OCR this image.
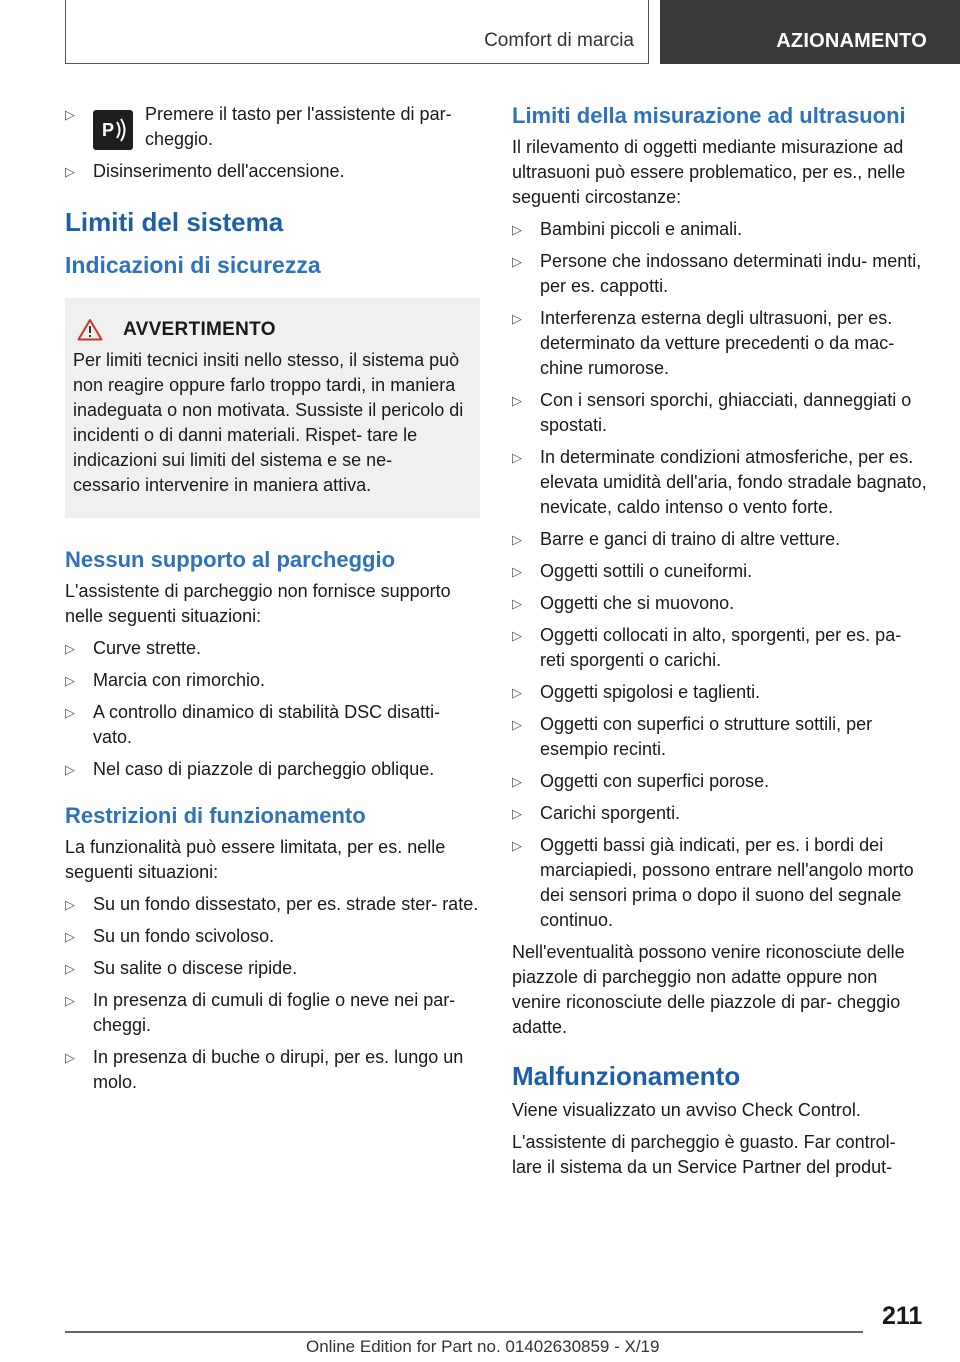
Comfort di marcia	AZIONAMENTO
▷
P
Premere il tasto per l'assistente di par- cheggio.
▷ Disinserimento dell'accensione.
Limiti del sistema
Indicazioni di sicurezza
AVVERTIMENTO

Per limiti tecnici insiti nello stesso, il sistema può non reagire oppure farlo troppo tardi, in maniera inadeguata o non motivata. Sussiste il pericolo di incidenti o di danni materiali. Rispet- tare le indicazioni sui limiti del sistema e se ne- cessario intervenire in maniera attiva.

Nessun supporto al parcheggio

L'assistente di parcheggio non fornisce supporto nelle seguenti situazioni:

▷ Curve strette.
▷ Marcia con rimorchio.
▷ A controllo dinamico di stabilità DSC disatti- vato.
▷ Nel caso di piazzole di parcheggio oblique.
Restrizioni di funzionamento

La funzionalità può essere limitata, per es. nelle seguenti situazioni:

▷ Su un fondo dissestato, per es. strade ster- rate.
▷ Su un fondo scivoloso.
▷ Su salite o discese ripide.
▷ In presenza di cumuli di foglie o neve nei par- cheggi.
▷ In presenza di buche o dirupi, per es. lungo un molo.
Limiti della misurazione ad ultrasuoni

Il rilevamento di oggetti mediante misurazione ad ultrasuoni può essere problematico, per es., nelle seguenti circostanze:

▷ Bambini piccoli e animali.
▷ Persone che indossano determinati indu- menti, per es. cappotti.
▷ Interferenza esterna degli ultrasuoni, per es. determinato da vetture precedenti o da mac- chine rumorose.
▷ Con i sensori sporchi, ghiacciati, danneggiati o spostati.
▷ In determinate condizioni atmosferiche, per es. elevata umidità dell'aria, fondo stradale bagnato, nevicate, caldo intenso o vento forte.
▷ Barre e ganci di traino di altre vetture.
▷ Oggetti sottili o cuneiformi.
▷ Oggetti che si muovono.
▷ Oggetti collocati in alto, sporgenti, per es. pa- reti sporgenti o carichi.
▷ Oggetti spigolosi e taglienti.
▷ Oggetti con superfici o strutture sottili, per esempio recinti.
▷ Oggetti con superfici porose.
▷ Carichi sporgenti.
▷ Oggetti bassi già indicati, per es. i bordi dei marciapiedi, possono entrare nell'angolo morto dei sensori prima o dopo il suono del segnale continuo.

Nell'eventualità possono venire riconosciute delle piazzole di parcheggio non adatte oppure non venire riconosciute delle piazzole di par- cheggio adatte.

Malfunzionamento

Viene visualizzato un avviso Check Control.

L'assistente di parcheggio è guasto. Far control- lare il sistema da un Service Partner del produt-

211
Online Edition for Part no. 01402630859 - X/19
